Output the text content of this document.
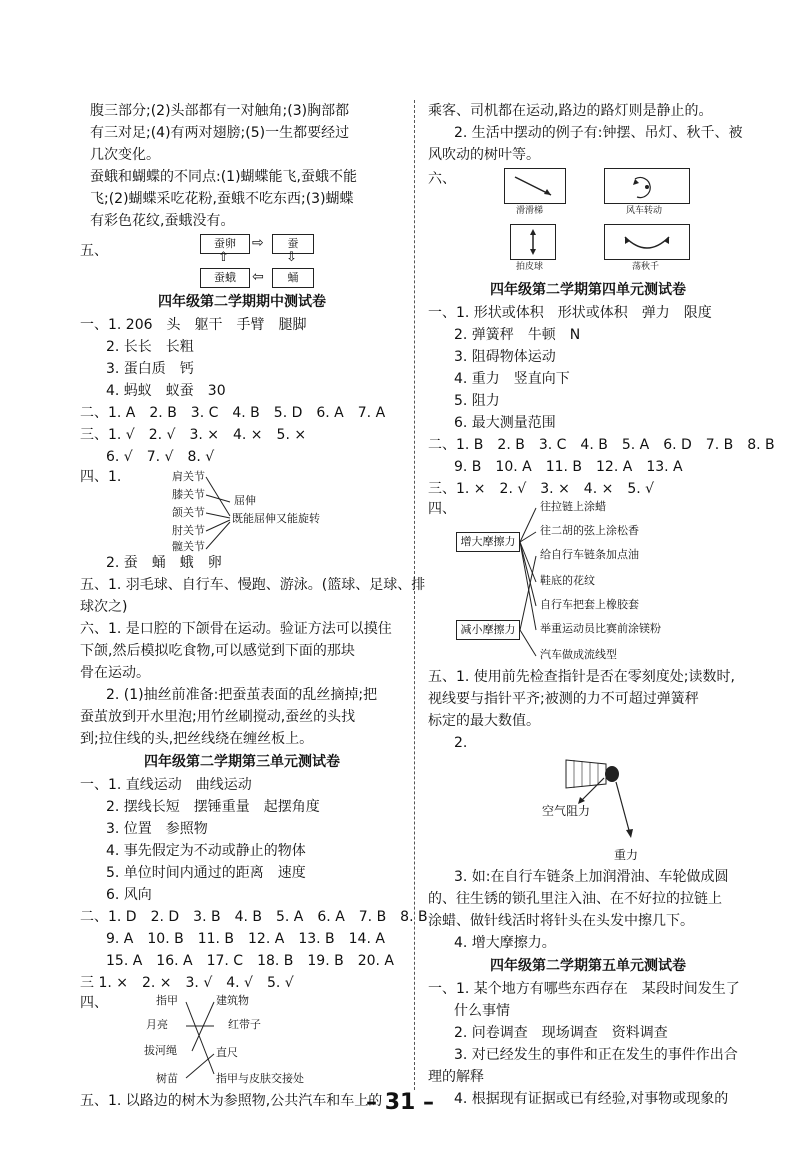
腹三部分;(2)头部都有一对触角;(3)胸部都
有三对足;(4)有两对翅膀;(5)一生都要经过
几次变化。
蚕蛾和蝴蝶的不同点:(1)蝴蝶能飞,蚕蛾不能
飞;(2)蝴蝶采吃花粉,蚕蛾不吃东西;(3)蝴蝶
有彩色花纹,蚕蛾没有。
五、	蚕卵	⇨	蚕
⇧	⇩
蚕蛾	⇦	蛹
四年级第二学期期中测试卷
一、1. 206　头　躯干　手臂　腿脚
2. 长长　长粗
3. 蛋白质　钙
4. 蚂蚁　蚁蚕　30
二、1. A　2. B　3. C　4. B　5. D　6. A　7. A
三、1. √　2. √　3. ×　4. ×　5. ×
6. √　7. √　8. √
四、1.	肩关节
膝关节
颌关节
肘关节
髋关节
屈伸
既能屈伸又能旋转
2. 蚕　蛹　蛾　卵
五、1. 羽毛球、自行车、慢跑、游泳。(篮球、足球、排
球次之)
六、1. 是口腔的下颌骨在运动。验证方法可以摸住
下颌,然后模拟吃食物,可以感觉到下面的那块
骨在运动。
2. (1)抽丝前准备:把蚕茧表面的乱丝摘掉;把
蚕茧放到开水里泡;用竹丝刷搅动,蚕丝的头找
到;拉住线的头,把丝线绕在缠丝板上。
四年级第二学期第三单元测试卷
一、1. 直线运动　曲线运动
2. 摆线长短　摆锤重量　起摆角度
3. 位置　参照物
4. 事先假定为不动或静止的物体
5. 单位时间内通过的距离　速度
6. 风向
二、1. D　2. D　3. B　4. B　5. A　6. A　7. B　8. B
9. A　10. B　11. B　12. A　13. B　14. A
15. A　16. A　17. C　18. B　19. B　20. A
三 1. ×　2. ×　3. √　4. √　5. √
四、	指甲
月亮
拔河绳
树苗
建筑物
红带子
直尺
指甲与皮肤交接处
五、1. 以路边的树木为参照物,公共汽车和车上的
乘客、司机都在运动,路边的路灯则是静止的。
2. 生活中摆动的例子有:钟摆、吊灯、秋千、被
风吹动的树叶等。
六、
滑滑梯	风车转动
拍皮球	荡秋千
四年级第二学期第四单元测试卷
一、1. 形状或体积　形状或体积　弹力　限度
2. 弹簧秤　牛顿　N
3. 阻碍物体运动
4. 重力　竖直向下
5. 阻力
6. 最大测量范围
二、1. B　2. B　3. C　4. B　5. A　6. D　7. B　8. B
9. B　10. A　11. B　12. A　13. A
三、1. ×　2. √　3. ×　4. ×　5. √
四、
增大摩擦力
减小摩擦力
往拉链上涂蜡
往二胡的弦上涂松香
给自行车链条加点油
鞋底的花纹
自行车把套上橡胶套
举重运动员比赛前涂镁粉
汽车做成流线型
五、1. 使用前先检查指针是否在零刻度处;读数时,
视线要与指针平齐;被测的力不可超过弹簧秤
标定的最大数值。
2.
空气阻力
重力
3. 如:在自行车链条上加润滑油、车轮做成圆
的、往生锈的锁孔里注入油、在不好拉的拉链上
涂蜡、做针线活时将针头在头发中擦几下。
4. 增大摩擦力。
四年级第二学期第五单元测试卷
一、1. 某个地方有哪些东西存在　某段时间发生了
什么事情
2. 问卷调查　现场调查　资料调查
3. 对已经发生的事件和正在发生的事件作出合
理的解释
4. 根据现有证据或已有经验,对事物或现象的
– 31 –
